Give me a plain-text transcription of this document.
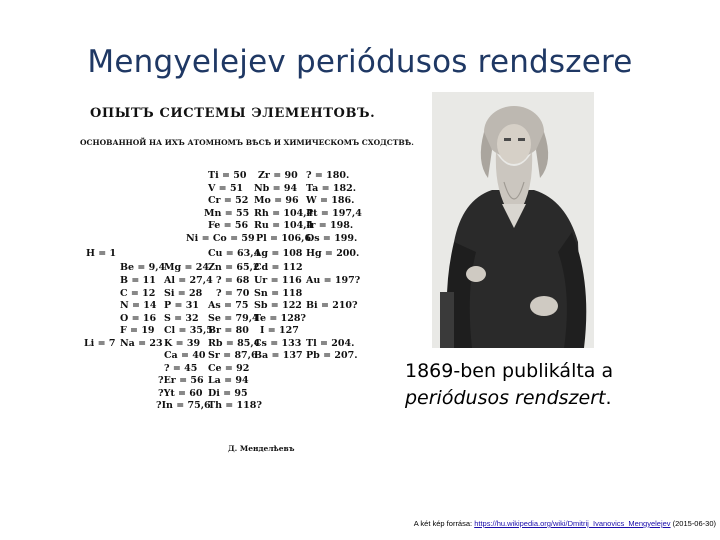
Mengyelejev periódusos rendszere
ОПЫТЪ СИСТЕМЫ ЭЛЕМЕНТОВЪ.
ОСНОВАННОЙ НА ИХЪ АТОМНОМЪ ВѢСѢ И ХИМИЧЕСКОМЪ СХОДСТВѢ.
H = 1
Li = 7
Be = 9,4
B = 11
C = 12
N = 14
O = 16
F = 19
Na = 23
Mg = 24
Al = 27,4
Si = 28
P = 31
S = 32
Cl = 35,5
K = 39
Ca = 40
? = 45
?Er = 56
?Yt = 60
?In = 75,6
Ti = 50
V = 51
Cr = 52
Mn = 55
Fe = 56
Ni = Co = 59
Cu = 63,4
Zn = 65,2
? = 68
? = 70
As = 75
Se = 79,4
Br = 80
Rb = 85,4
Sr = 87,6
Ce = 92
La = 94
Di = 95
Th = 118?
Zr = 90
Nb = 94
Mo = 96
Rh = 104,4
Ru = 104,4
Pl = 106,6
Ag = 108
Cd = 112
Ur = 116
Sn = 118
Sb = 122
Te = 128?
I = 127
Cs = 133
Ba = 137
? = 180.
Ta = 182.
W = 186.
Pt = 197,4
Ir = 198.
Os = 199.
Hg = 200.
Au = 197?
Bi = 210?
Tl = 204.
Pb = 207.
Д. Менделѣевъ
1869-ben publikálta a
periódusos rendszert.
A két kép forrása: https://hu.wikipedia.org/wiki/Dmitrij_Ivanovics_Mengyelejev (2015-06-30)
